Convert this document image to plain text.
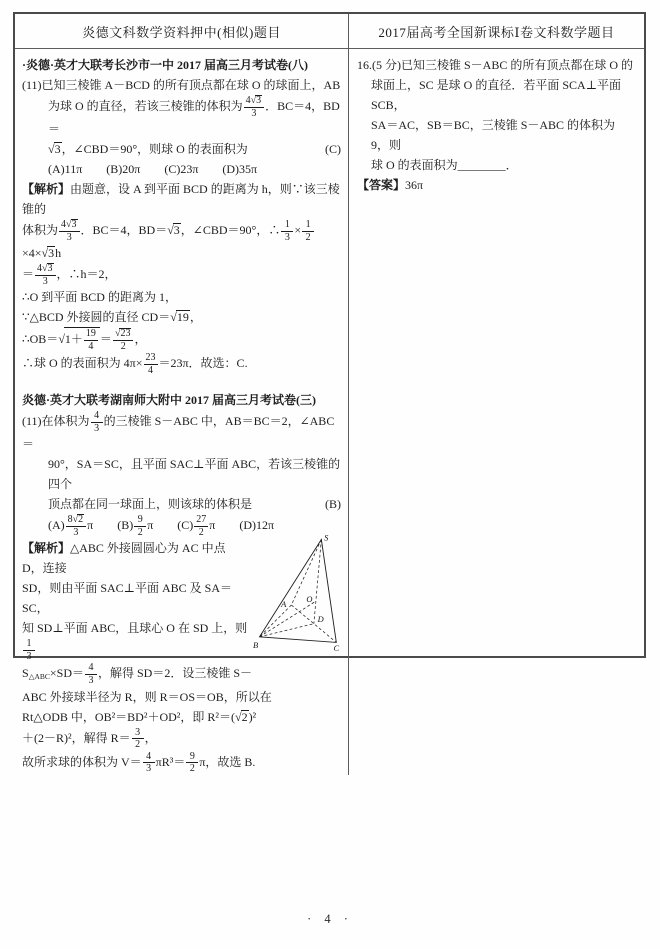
炎德文科数学资料押中(相似)题目	2017届高考全国新课标Ⅰ卷文科数学题目
·炎德·英才大联考长沙市一中 2017 届高三月考试卷(八)
(11)已知三棱锥 A－BCD 的所有顶点都在球 O 的球面上，AB
为球 O 的直径，若该三棱锥的体积为 $\frac{4√3}{3}$ ．BC＝4，BD＝
(C)
√3，∠CBD＝90°，则球 O 的表面积为
(A)11π　　(B)20π　　(C)23π　　(D)35π
【解析】由题意，设 A 到平面 BCD 的距离为 h，则∵该三棱锥的
体积为 $\frac{4√3}{3}$ ．BC＝4，BD＝√3，∠CBD＝90°，∴ $\frac{1}{3} \times \frac{1}{2}$
×4×√3h
＝ $\frac{4√3}{3}$ ，∴h＝2，
∴O 到平面 BCD 的距离为 1，
∵△BCD 外接圆的直径 CD＝√19，
∴OB＝√1＋ $\frac{19}{4} = \frac{√23}{2}$ ，
∴球 O 的表面积为 $4\pi\times \frac{23}{4} =23\pi$．故选：C.
炎德·英才大联考湖南师大附中 2017 届高三月考试卷(三)
(11)在体积为 $\frac{4}{3}$ 的三棱锥 S－ABC 中，AB＝BC＝2，∠ABC＝
90°，SA＝SC，且平面 SAC⊥平面 ABC，若该三棱锥的四个
(B)
顶点都在同一球面上，则该球的体积是
$(A) \frac{8√2}{3}$ π　　$(B) \frac{9}{2}$ π　　$(C) \frac{27}{2}$ π　　(D)12π
S
A O
D
B	C
【解析】△ABC 外接圆圆心为 AC 中点 D，连接
SD，则由平面 SAC⊥平面 ABC 及 SA＝SC，
知 SD⊥平面 ABC，且球心 O 在 SD 上，则
$\frac{1}{3}$
$S_{\triangle ABC}\times SD= \frac{4}{3}$ ，解得 SD＝2．设三棱锥 S－
ABC 外接球半径为 R，则 R＝OS＝OB，所以在
Rt△ODB 中，OB²＝BD²＋OD²，即 R²＝(√2)²
＋(2－R)²，解得 $R= \frac{3}{2}$ ，
故所求球的体积为 $V= \frac{4}{3} \pi R^3= \frac{9}{2}$ π，故选 B.
16.(5 分)已知三棱锥 S－ABC 的所有顶点都在球 O 的
球面上，SC 是球 O 的直径．若平面 SCA⊥平面 SCB，
SA＝AC，SB＝BC，三棱锥 S－ABC 的体积为 9，则
球 O 的表面积为________．
【答案】36π
· 4 ·
